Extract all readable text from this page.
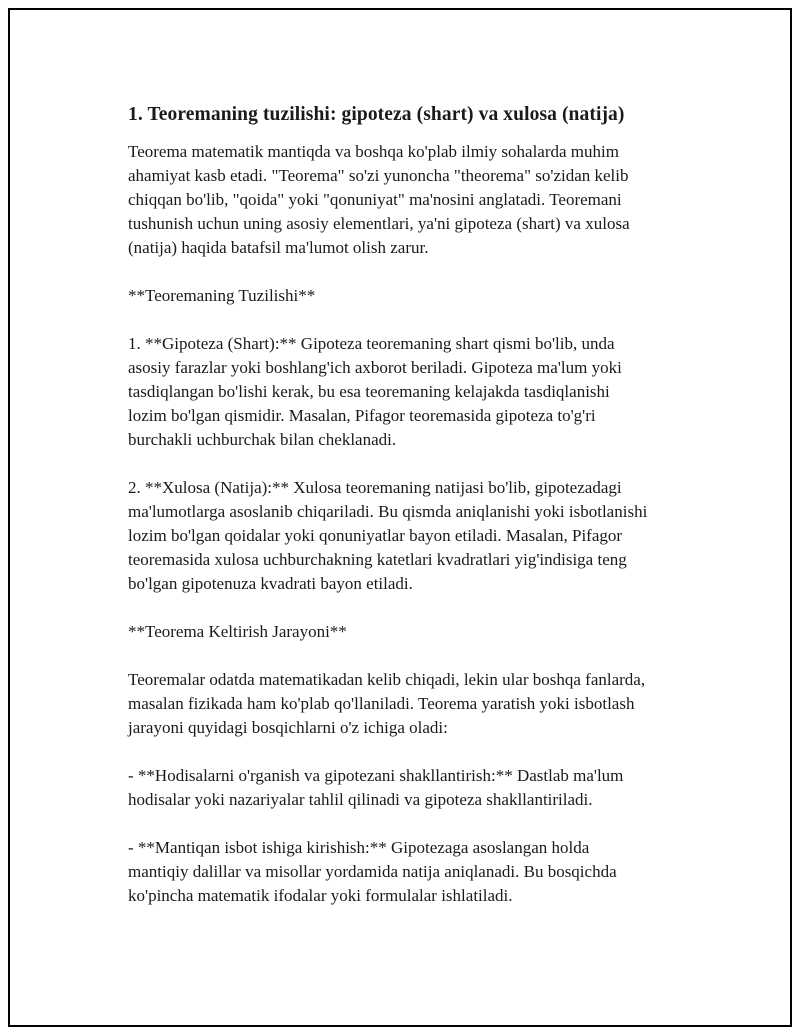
1. Teoremaning tuzilishi: gipoteza (shart) va xulosa (natija)

Teorema matematik mantiqda va boshqa ko'plab ilmiy sohalarda muhim
ahamiyat kasb etadi. "Teorema" so'zi yunoncha "theorema" so'zidan kelib
chiqqan bo'lib, "qoida" yoki "qonuniyat" ma'nosini anglatadi. Teoremani
tushunish uchun uning asosiy elementlari, ya'ni gipoteza (shart) va xulosa
(natija) haqida batafsil ma'lumot olish zarur.

**Teoremaning Tuzilishi**

1. **Gipoteza (Shart):** Gipoteza teoremaning shart qismi bo'lib, unda
asosiy farazlar yoki boshlang'ich axborot beriladi. Gipoteza ma'lum yoki
tasdiqlangan bo'lishi kerak, bu esa teoremaning kelajakda tasdiqlanishi
lozim bo'lgan qismidir. Masalan, Pifagor teoremasida gipoteza to'g'ri
burchakli uchburchak bilan cheklanadi.

2. **Xulosa (Natija):** Xulosa teoremaning natijasi bo'lib, gipotezadagi
ma'lumotlarga asoslanib chiqariladi. Bu qismda aniqlanishi yoki isbotlanishi
lozim bo'lgan qoidalar yoki qonuniyatlar bayon etiladi. Masalan, Pifagor
teoremasida xulosa uchburchakning katetlari kvadratlari yig'indisiga teng
bo'lgan gipotenuza kvadrati bayon etiladi.

**Teorema Keltirish Jarayoni**

Teoremalar odatda matematikadan kelib chiqadi, lekin ular boshqa fanlarda,
masalan fizikada ham ko'plab qo'llaniladi. Teorema yaratish yoki isbotlash
jarayoni quyidagi bosqichlarni o'z ichiga oladi:

- **Hodisalarni o'rganish va gipotezani shakllantirish:** Dastlab ma'lum
hodisalar yoki nazariyalar tahlil qilinadi va gipoteza shakllantiriladi.

- **Mantiqan isbot ishiga kirishish:** Gipotezaga asoslangan holda
mantiqiy dalillar va misollar yordamida natija aniqlanadi. Bu bosqichda
ko'pincha matematik ifodalar yoki formulalar ishlatiladi.
